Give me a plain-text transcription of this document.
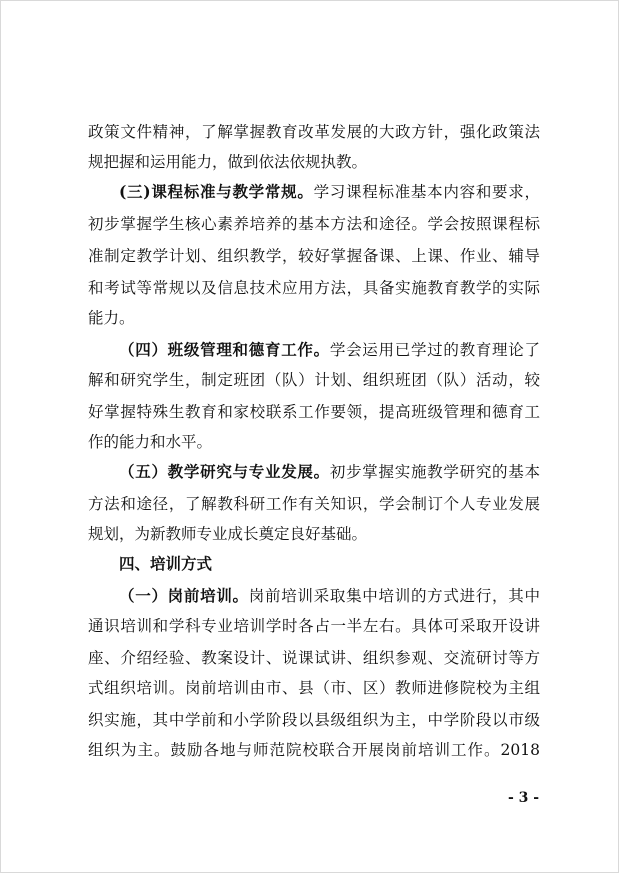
政策文件精神，了解掌握教育改革发展的大政方针，强化政策法
规把握和运用能力，做到依法依规执教。
(三)课程标准与教学常规。学习课程标准基本内容和要求，
初步掌握学生核心素养培养的基本方法和途径。学会按照课程标
准制定教学计划、组织教学，较好掌握备课、上课、作业、辅导
和考试等常规以及信息技术应用方法，具备实施教育教学的实际
能力。
（四）班级管理和德育工作。学会运用已学过的教育理论了
解和研究学生，制定班团（队）计划、组织班团（队）活动，较
好掌握特殊生教育和家校联系工作要领，提高班级管理和德育工
作的能力和水平。
（五）教学研究与专业发展。初步掌握实施教学研究的基本
方法和途径，了解教科研工作有关知识，学会制订个人专业发展
规划，为新教师专业成长奠定良好基础。
四、培训方式
（一）岗前培训。岗前培训采取集中培训的方式进行，其中
通识培训和学科专业培训学时各占一半左右。具体可采取开设讲
座、介绍经验、教案设计、说课试讲、组织参观、交流研讨等方
式组织培训。岗前培训由市、县（市、区）教师进修院校为主组
织实施，其中学前和小学阶段以县级组织为主，中学阶段以市级
组织为主。鼓励各地与师范院校联合开展岗前培训工作。2018
- 3 -
